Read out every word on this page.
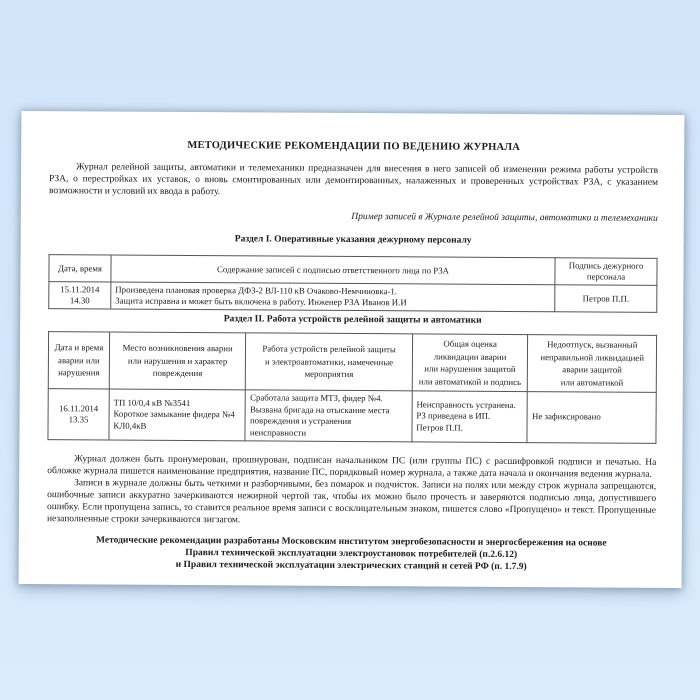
МЕТОДИЧЕСКИЕ РЕКОМЕНДАЦИИ ПО ВЕДЕНИЮ ЖУРНАЛА

Журнал релейной защиты, автоматики и телемеханики предназначен для внесения в него записей об изменении режима работы устройств РЗА, о перестройках их уставок, о вновь смонтированных или демонтированных, налаженных и проверенных устройствах РЗА, с указанием возможности и условий их ввода в работу.

Пример записей в Журнале релейной защиты, автоматики и телемеханики

Раздел I. Оперативные указания дежурному персоналу
Дата, время	Содержание записей с подписью ответственного лица по РЗА	Подпись дежурного
персонала
15.11.2014
14.30	Произведена плановая проверка ДФЗ-2 ВЛ-110 кВ Очаково-Немчиновка-1.
Защита исправна и может быть включена в работу. Инженер РЗА Иванов И.И	Петров П.П.
Раздел II. Работа устройств релейной защиты и автоматики
Дата и время
аварии или
нарушения	Место возникновения аварии
или нарушения и характер
повреждения	Работа устройств релейной защиты
и электроавтоматики, намеченные
мероприятия	Общая оценка
ликвидации аварии
или нарушения защитой
или автоматикой и подпись	Недоотпуск, вызванный
неправильной ликвидацией
аварии защитой
или автоматикой
16.11.2014
13.35	ТП 10/0,4 кВ №3541
Короткое замыкание фидера №4
КЛ0,4кВ	Сработала защита МТЗ, фидер №4.
Вызвана бригада на отыскание места
повреждения и устранения неисправности	Неисправность устранена.
РЗ приведена в ИП.
Петров П.П.	Не зафиксировано

Журнал должен быть пронумерован, прошнурован, подписан начальником ПС (или группы ПС) с расшифровкой подписи и печатью. На обложке журнала пишется наименование предприятия, название ПС, порядковый номер журнала, а также дата начала и окончания ведения журнала.

Записи в журнале должны быть четкими и разборчивыми, без помарок и подчисток. Записи на полях или между строк журнала запрещаются, ошибочные записи аккуратно зачеркиваются нежирной чертой так, чтобы их можно было прочесть и заверяются подписью лица, допустившего ошибку. Если пропущена запись, то ставится реальное время записи с восклицательным знаком, пишется слово «Пропущено» и текст. Пропущенные незаполненные строки зачеркиваются зигзагом.

Методические рекомендации разработаны Московским институтом энергобезопасности и энергосбережения на основе
Правил технической эксплуатации электроустановок потребителей (п.2.6.12)
и Правил технической эксплуатации электрических станций и сетей РФ (п. 1.7.9)
